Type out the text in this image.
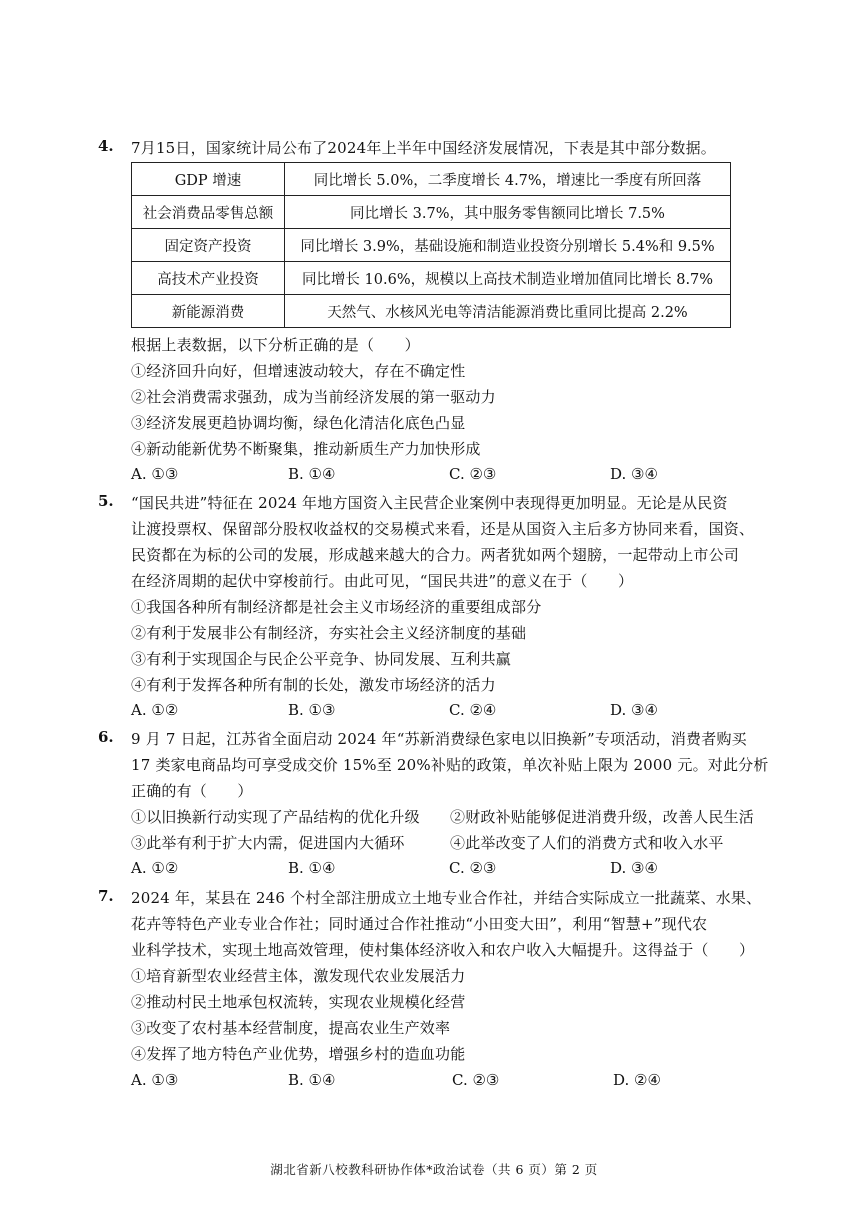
4. 7月15日，国家统计局公布了2024年上半年中国经济发展情况，下表是其中部分数据。
GDP 增速	同比增长 5.0%，二季度增长 4.7%，增速比一季度有所回落
社会消费品零售总额	同比增长 3.7%，其中服务零售额同比增长 7.5%
固定资产投资	同比增长 3.9%，基础设施和制造业投资分别增长 5.4%和 9.5%
高技术产业投资	同比增长 10.6%，规模以上高技术制造业增加值同比增长 8.7%
新能源消费	天然气、水核风光电等清洁能源消费比重同比提高 2.2%
根据上表数据，以下分析正确的是（　　）
①经济回升向好，但增速波动较大，存在不确定性
②社会消费需求强劲，成为当前经济发展的第一驱动力
③经济发展更趋协调均衡，绿色化清洁化底色凸显
④新动能新优势不断聚集，推动新质生产力加快形成
A. ①③	B. ①④	C. ②③	D. ③④
5. “国民共进”特征在 2024 年地方国资入主民营企业案例中表现得更加明显。无论是从民资
让渡投票权、保留部分股权收益权的交易模式来看，还是从国资入主后多方协同来看，国资、
民资都在为标的公司的发展，形成越来越大的合力。两者犹如两个翅膀，一起带动上市公司
在经济周期的起伏中穿梭前行。由此可见，“国民共进”的意义在于（　　）
①我国各种所有制经济都是社会主义市场经济的重要组成部分
②有利于发展非公有制经济，夯实社会主义经济制度的基础
③有利于实现国企与民企公平竞争、协同发展、互利共赢
④有利于发挥各种所有制的长处，激发市场经济的活力
A. ①②	B. ①③	C. ②④	D. ③④
6. 9 月 7 日起，江苏省全面启动 2024 年“苏新消费绿色家电以旧换新”专项活动，消费者购买
17 类家电商品均可享受成交价 15%至 20%补贴的政策，单次补贴上限为 2000 元。对此分析
正确的有（　　）
①以旧换新行动实现了产品结构的优化升级 ②财政补贴能够促进消费升级，改善人民生活
③此举有利于扩大内需，促进国内大循环	④此举改变了人们的消费方式和收入水平
A. ①②	B. ①④	C. ②③	D. ③④
7. 2024 年，某县在 246 个村全部注册成立土地专业合作社，并结合实际成立一批蔬菜、水果、
花卉等特色产业专业合作社；同时通过合作社推动“小田变大田”，利用“智慧+”现代农
业科学技术，实现土地高效管理，使村集体经济收入和农户收入大幅提升。这得益于（　　）
①培育新型农业经营主体，激发现代农业发展活力
②推动村民土地承包权流转，实现农业规模化经营
③改变了农村基本经营制度，提高农业生产效率
④发挥了地方特色产业优势，增强乡村的造血功能
A. ①③	B. ①④	C. ②③	D. ②④
湖北省新八校教科研协作体*政治试卷（共 6 页）第 2 页
